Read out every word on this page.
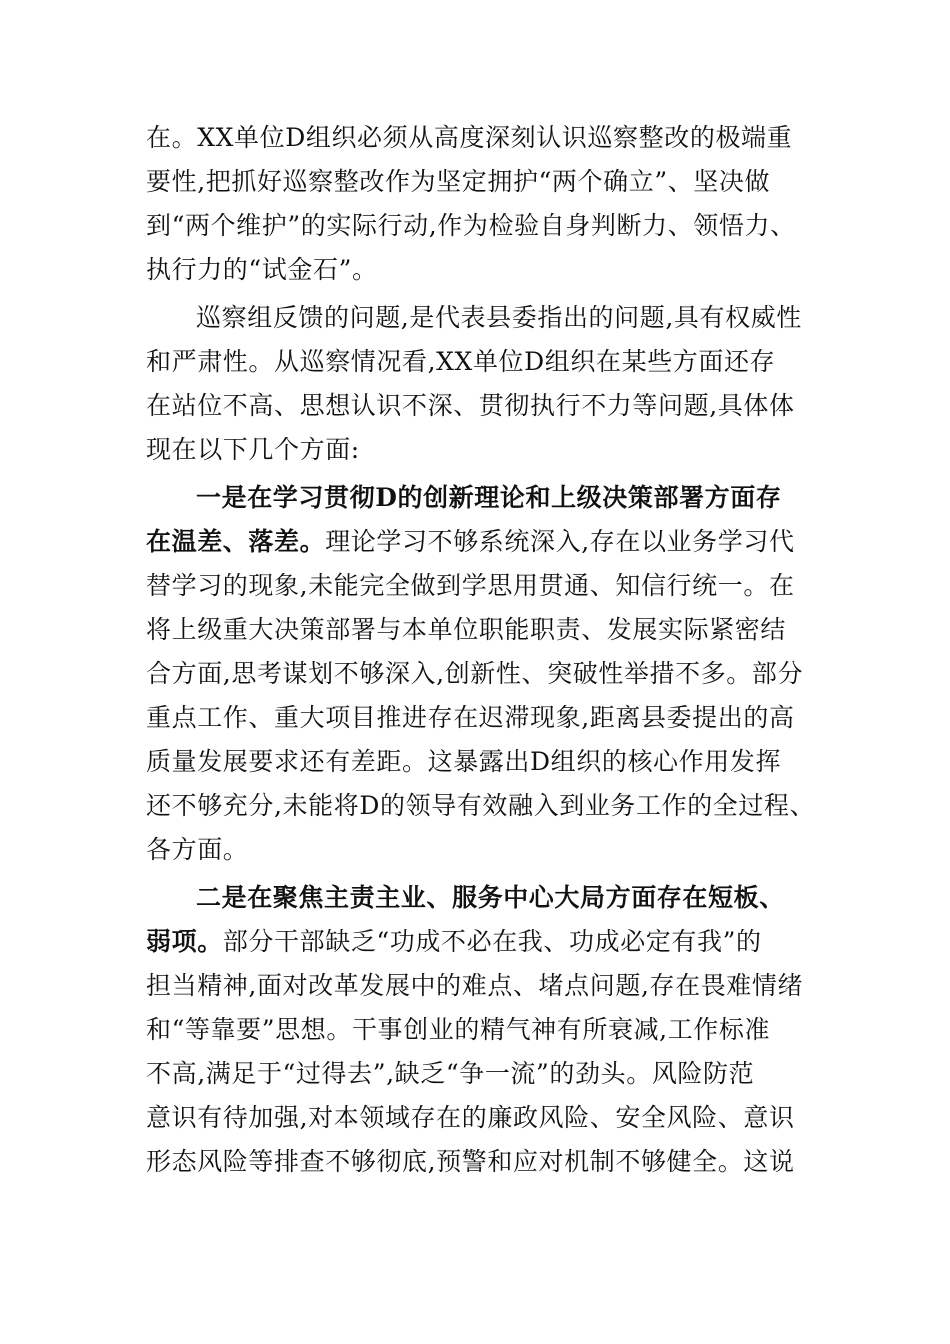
在。XX单位D组织必须从高度深刻认识巡察整改的极端重
要性,把抓好巡察整改作为坚定拥护“两个确立”、坚决做
到“两个维护”的实际行动,作为检验自身判断力、领悟力、
执行力的“试金石”。
巡察组反馈的问题,是代表县委指出的问题,具有权威性
和严肃性。从巡察情况看,XX单位D组织在某些方面还存
在站位不高、思想认识不深、贯彻执行不力等问题,具体体
现在以下几个方面:
一是在学习贯彻D的创新理论和上级决策部署方面存
在温差、落差。理论学习不够系统深入,存在以业务学习代
替学习的现象,未能完全做到学思用贯通、知信行统一。在
将上级重大决策部署与本单位职能职责、发展实际紧密结
合方面,思考谋划不够深入,创新性、突破性举措不多。部分
重点工作、重大项目推进存在迟滞现象,距离县委提出的高
质量发展要求还有差距。这暴露出D组织的核心作用发挥
还不够充分,未能将D的领导有效融入到业务工作的全过程、
各方面。
二是在聚焦主责主业、服务中心大局方面存在短板、
弱项。部分干部缺乏“功成不必在我、功成必定有我”的
担当精神,面对改革发展中的难点、堵点问题,存在畏难情绪
和“等靠要”思想。干事创业的精气神有所衰减,工作标准
不高,满足于“过得去”,缺乏“争一流”的劲头。风险防范
意识有待加强,对本领域存在的廉政风险、安全风险、意识
形态风险等排查不够彻底,预警和应对机制不够健全。这说
